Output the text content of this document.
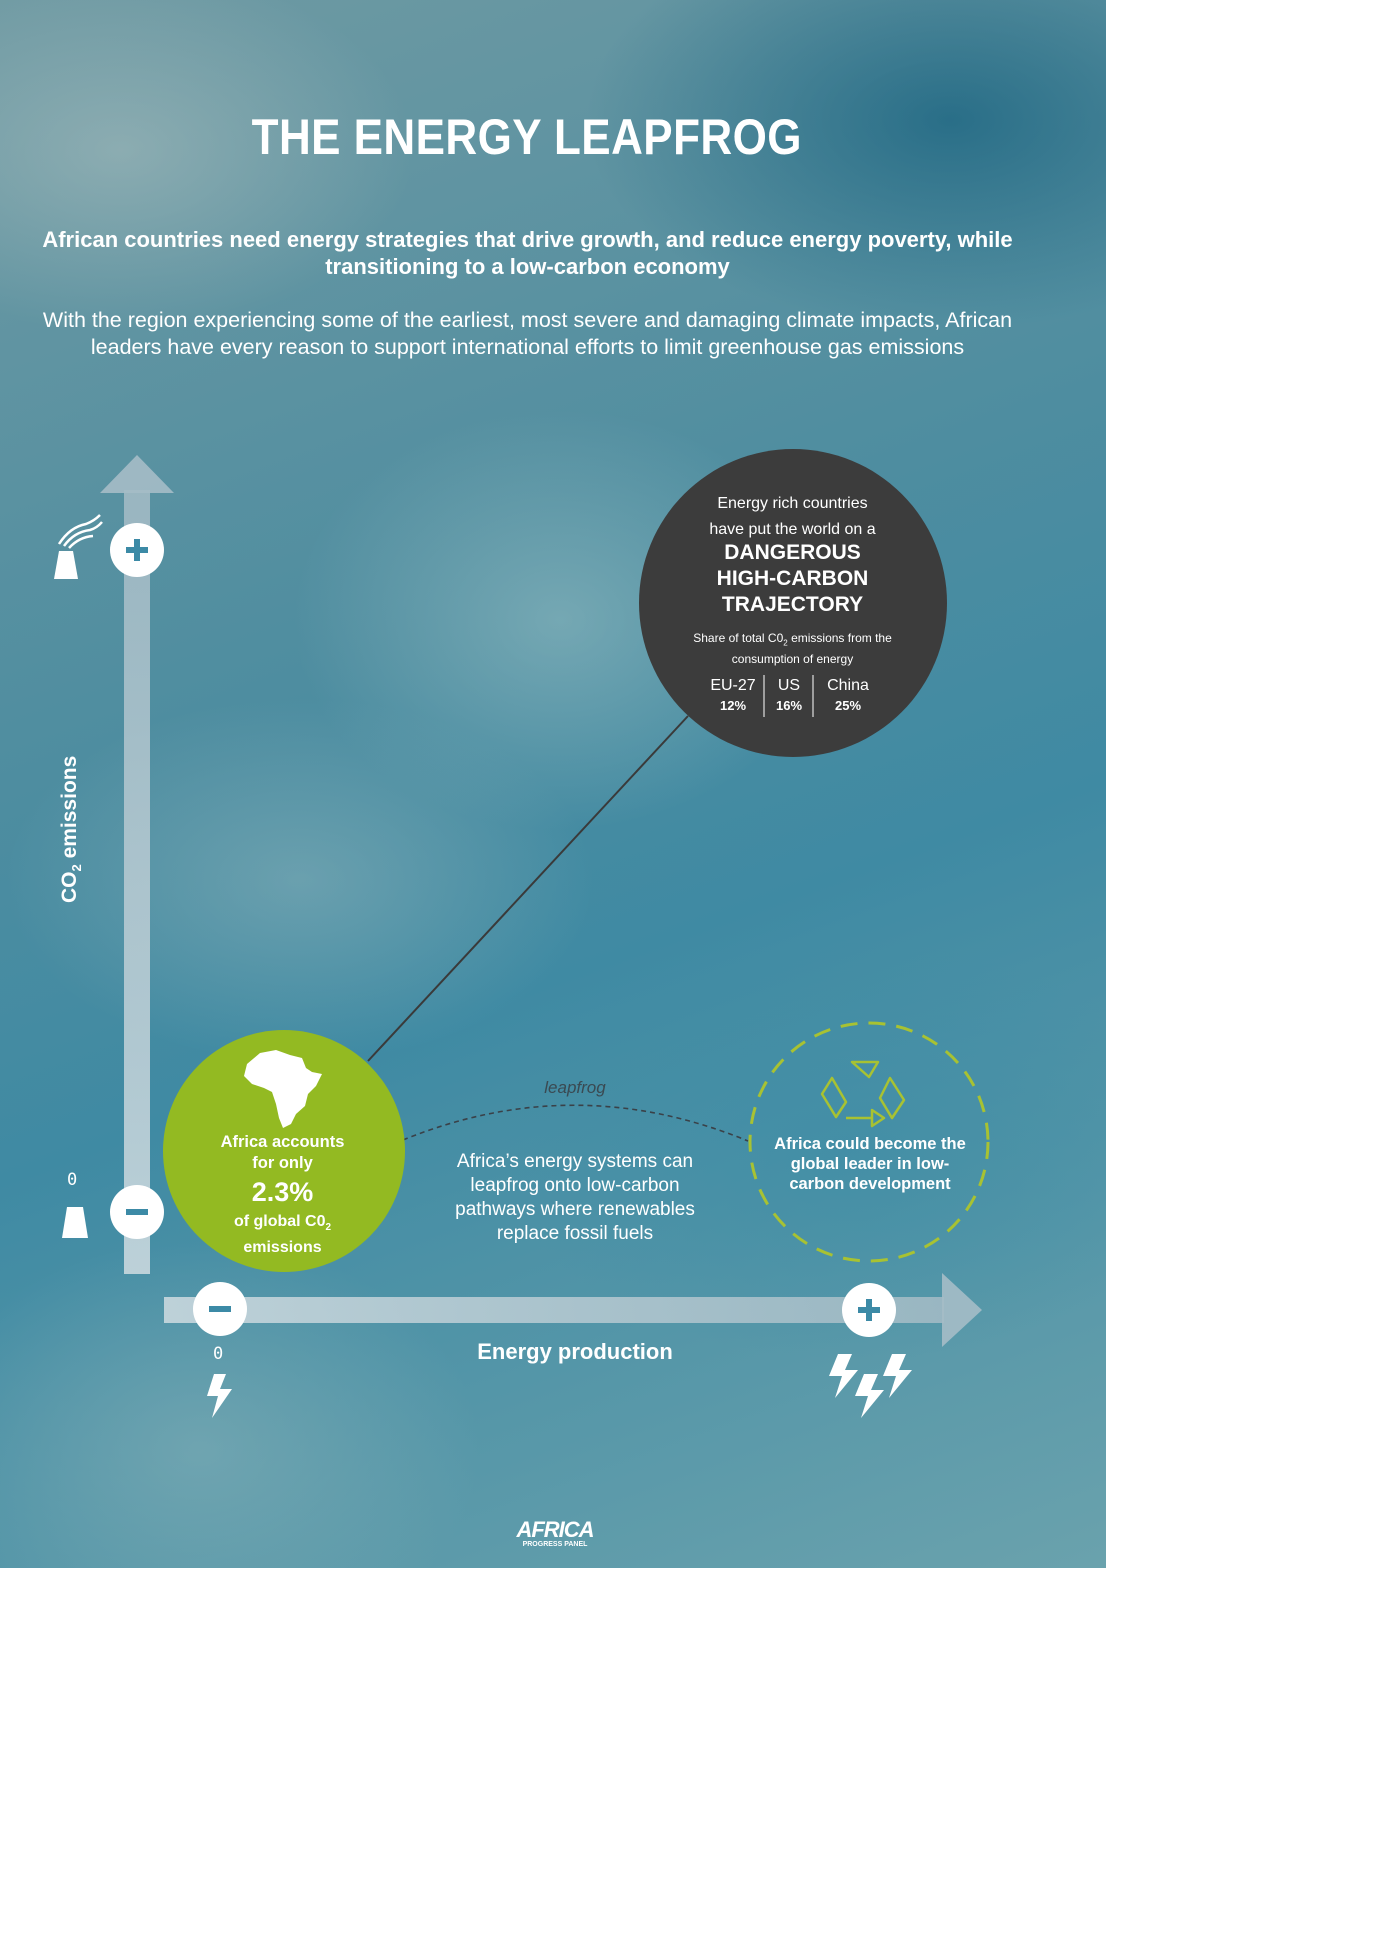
THE ENERGY LEAPFROG
African countries need energy strategies that drive growth, and reduce energy poverty, while transitioning to a low-carbon economy
With the region experiencing some of the earliest, most severe and damaging climate impacts, African leaders have every reason to support international efforts to limit greenhouse gas emissions
$CO_2$ emissions
0
Energy production
0
Energy rich countries
have put the world on a
DANGEROUS
HIGH-CARBON
TRAJECTORY
Share of total $C0_2$ emissions from the consumption of energy
EU-27
12%
US
16%
China
25%
Africa accounts
for only
2.3%
of global $C0_2$
emissions
leapfrog
Africa’s energy systems can leapfrog onto low-carbon pathways where renewables replace fossil fuels
Africa could become the global leader in low-carbon development
AFRICA
PROGRESS PANEL
